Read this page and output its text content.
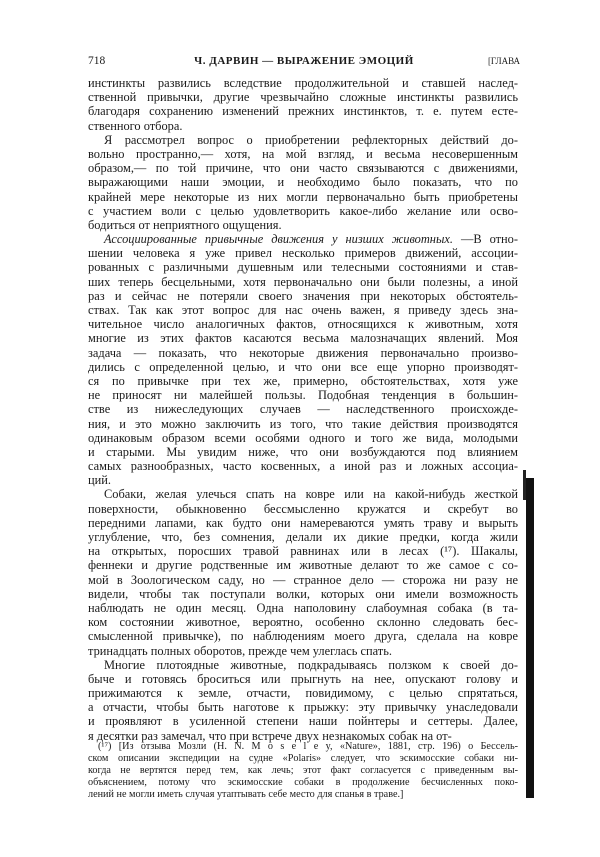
718	Ч. ДАРВИН — ВЫРАЖЕНИЕ ЭМОЦИЙ	[ГЛАВА
инстинкты развились вследствие продолжительной и ставшей наслед-
ственной привычки, другие чрезвычайно сложные инстинкты развились
благодаря сохранению изменений прежних инстинктов, т. е. путем есте-
ственного отбора.
Я рассмотрел вопрос о приобретении рефлекторных действий до-
вольно пространно,— хотя, на мой взгляд, и весьма несовершенным
образом,— по той причине, что они часто связываются с движениями,
выражающими наши эмоции, и необходимо было показать, что по
крайней мере некоторые из них могли первоначально быть приобретены
с участием воли с целью удовлетворить какое-либо желание или осво-
бодиться от неприятного ощущения.
Ассоциированные привычные движения у низших животных. —В отно-
шении человека я уже привел несколько примеров движений, ассоции-
рованных с различными душевным или телесными состояниями и став-
ших теперь бесцельными, хотя первоначально они были полезны, а иной
раз и сейчас не потеряли своего значения при некоторых обстоятель-
ствах. Так как этот вопрос для нас очень важен, я приведу здесь зна-
чительное число аналогичных фактов, относящихся к животным, хотя
многие из этих фактов касаются весьма малозначащих явлений. Моя
задача — показать, что некоторые движения первоначально произво-
дились с определенной целью, и что они все еще упорно производят-
ся по привычке при тех же, примерно, обстоятельствах, хотя уже
не приносят ни малейшей пользы. Подобная тенденция в большин-
стве из нижеследующих случаев — наследственного происхожде-
ния, и это можно заключить из того, что такие действия производятся
одинаковым образом всеми особями одного и того же вида, молодыми
и старыми. Мы увидим ниже, что они возбуждаются под влиянием
самых разнообразных, часто косвенных, а иной раз и ложных ассоциа-
ций.
Собаки, желая улечься спать на ковре или на какой-нибудь жесткой
поверхности, обыкновенно бессмысленно кружатся и скребут во
передними лапами, как будто они намереваются умять траву и вырыть
углубление, что, без сомнения, делали их дикие предки, когда жили
на открытых, поросших травой равнинах или в лесах (¹⁷). Шакалы,
феннеки и другие родственные им животные делают то же самое с со-
мой в Зоологическом саду, но — странное дело — сторожа ни разу не
видели, чтобы так поступали волки, которых они имели возможность
наблюдать не один месяц. Одна наполовину слабоумная собака (в та-
ком состоянии животное, вероятно, особенно склонно следовать бес-
смысленной привычке), по наблюдениям моего друга, сделала на ковре
тринадцать полных оборотов, прежде чем улеглась спать.
Многие плотоядные животные, подкрадываясь ползком к своей до-
быче и готовясь броситься или прыгнуть на нее, опускают голову и
прижимаются к земле, отчасти, повидимому, с целью спрятаться,
а отчасти, чтобы быть наготове к прыжку: эту привычку унаследовали
и проявляют в усиленной степени наши пойнтеры и сеттеры. Далее,
я десятки раз замечал, что при встрече двух незнакомых собак на от-
(¹⁷) [Из отзыва Мозли (H. N. M o s e l e y, «Nature», 1881, стр. 196) о Бессель-
ском описании экспедиции на судне «Polaris» следует, что эскимосские собаки ни-
когда не вертятся перед тем, как лечь; этот факт согласуется с приведенным вы-
объяснением, потому что эскимосские собаки в продолжение бесчисленных поко-
лений не могли иметь случая утаптывать себе место для спанья в траве.]
